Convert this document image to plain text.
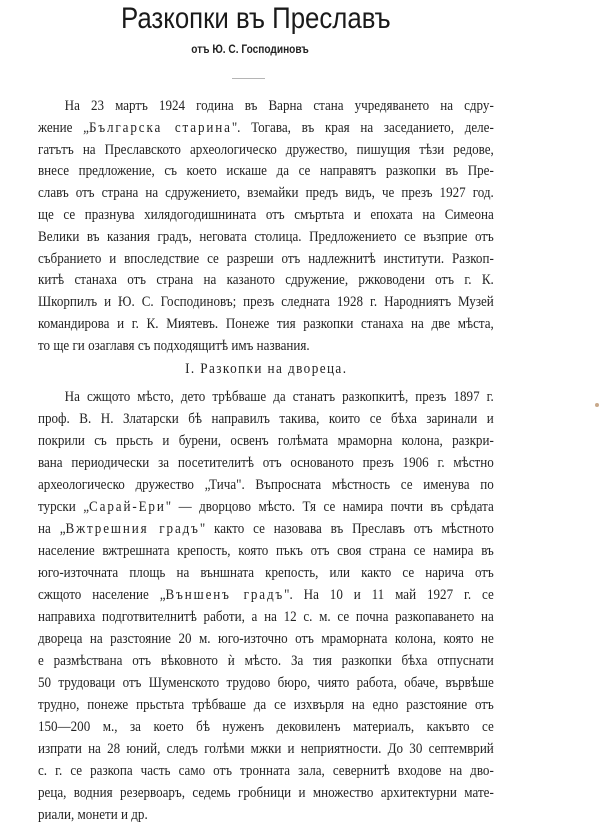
Разкопки въ Преславъ
отъ Ю. С. Господиновъ
На 23 мартъ 1924 година въ Варна стана учредяването на сдру-
жение „Българска старина". Тогава, въ края на заседанието, деле-
гатътъ на Преславското археологическо дружество, пишущия тѣзи редове,
внесе предложение, съ което искаше да се направятъ разкопки въ Пре-
славъ отъ страна на сдружението, вземайки предъ видъ, че презъ 1927 год.
ще се празнува хилядогодишнината отъ смъртьта и епохата на Симеона
Велики въ казания градъ, неговата столица. Предложението се възприе отъ
събранието и впоследствие се разреши отъ надлежнитѣ институти. Разкоп-
китѣ станаха отъ страна на казаното сдружение, ржководени отъ г. К.
Шкорпилъ и Ю. С. Господиновъ; презъ следната 1928 г. Народниятъ Музей
командирова и г. К. Миятевъ. Понеже тия разкопки станаха на две мѣста,
то ще ги озаглавя съ подходящитѣ имъ названия.
I. Разкопки на двореца.
На сжщото мѣсто, дето трѣбваше да станатъ разкопкитѣ, презъ 1897 г.
проф. В. Н. Златарски бѣ направилъ такива, които се бѣха заринали и
покрили съ прьсть и бурени, освенъ голѣмата мраморна колона, разкри-
вана периодически за посетителитѣ отъ основаното презъ 1906 г. мѣстно
археологическо дружество „Тича". Въпросната мѣстность се именува по
турски „Сарай-Ери" — дворцово мѣсто. Тя се намира почти въ срѣдата
на „Вжтрешния градъ" както се назовава въ Преславъ отъ мѣстното
население вжтрешната крепость, която пъкъ отъ своя страна се намира въ
юго-източната площь на външната крепость, или както се нарича отъ
сжщото население „Външенъ градъ". На 10 и 11 май 1927 г. се
направиха подготвителнитѣ работи, а на 12 с. м. се почна разкопаването на
двореца на разстояние 20 м. юго-източно отъ мраморната колона, която не
е размѣствана отъ вѣковното ѝ мѣсто. За тия разкопки бѣха отпуснати
50 трудоваци отъ Шуменското трудово бюро, чиято работа, обаче, вървѣше
трудно, понеже прьстьта трѣбваше да се изхвърля на едно разстояние отъ
150—200 м., за което бѣ нуженъ дековиленъ материалъ, какъвто се
изпрати на 28 юний, следъ голѣми мжки и неприятности. До 30 септемврий
с. г. се разкопа часть само отъ тронната зала, севернитѣ входове на дво-
реца, водния резервоаръ, седемь гробници и множество архитектурни мате-
риали, монети и др.
